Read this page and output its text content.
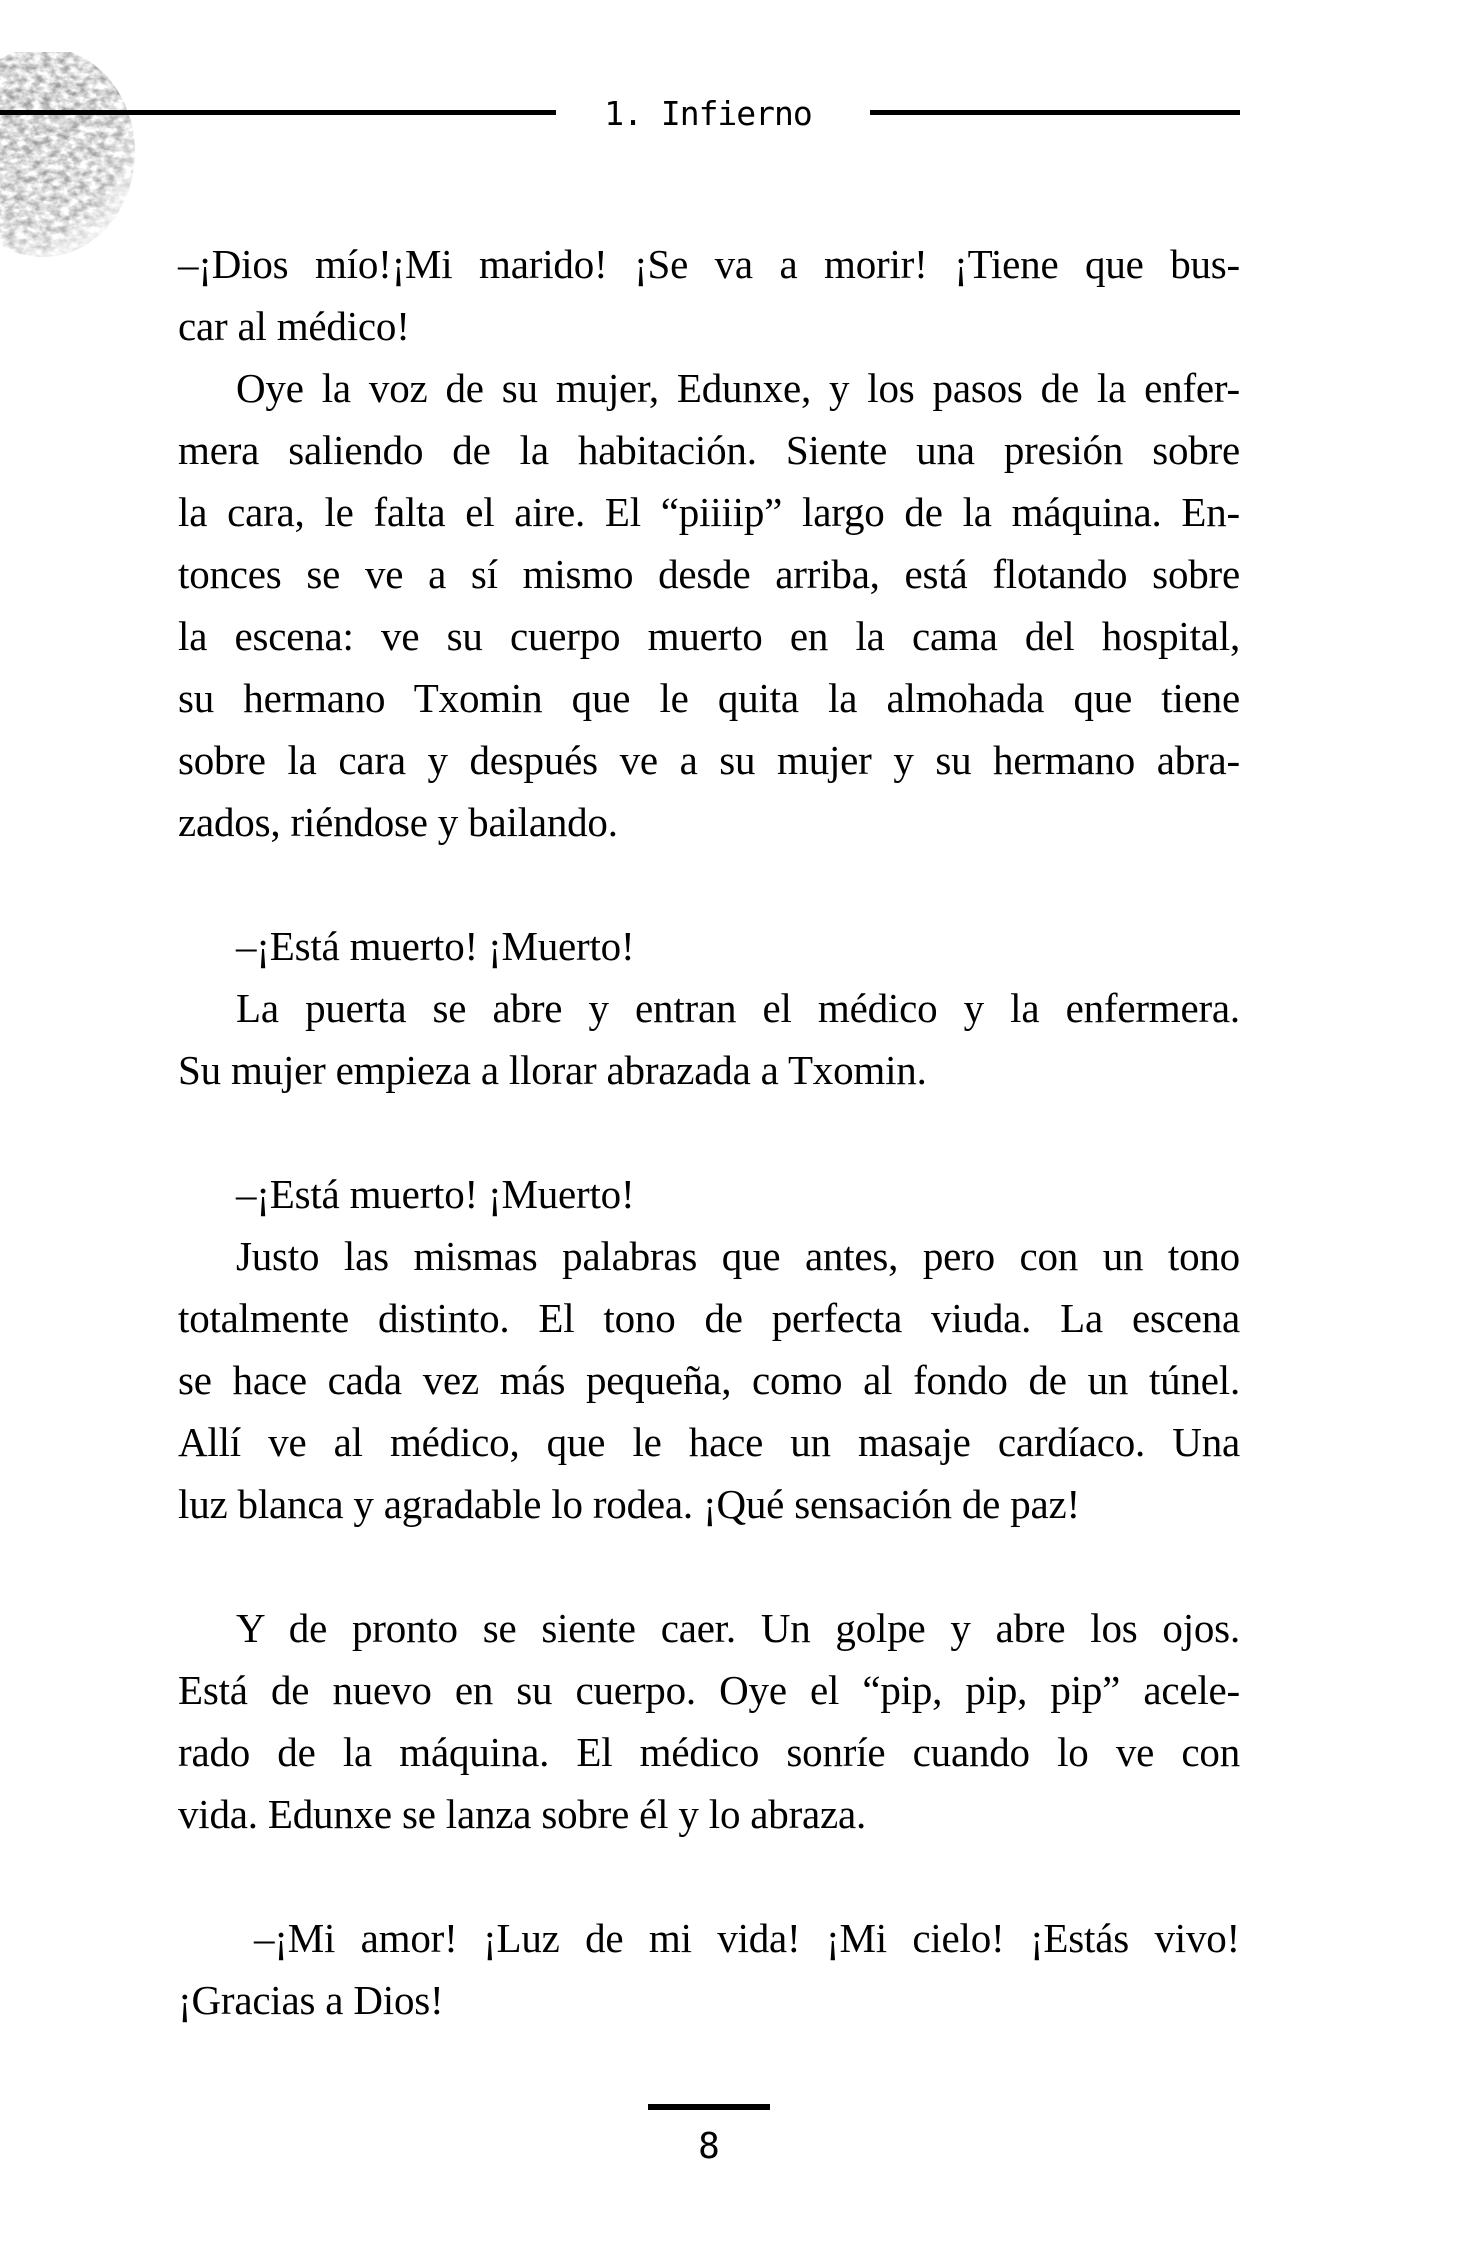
1. Infierno

–¡Dios mío!¡Mi marido! ¡Se va a morir! ¡Tiene que bus-
car al médico!

Oye la voz de su mujer, Edunxe, y los pasos de la enfer-
mera saliendo de la habitación. Siente una presión sobre
la cara, le falta el aire. El “piiiip” largo de la máquina. En-
tonces se ve a sí mismo desde arriba, está flotando sobre
la escena: ve su cuerpo muerto en la cama del hospital,
su hermano Txomin que le quita la almohada que tiene
sobre la cara y después ve a su mujer y su hermano abra-
zados, riéndose y bailando.

–¡Está muerto! ¡Muerto!

La puerta se abre y entran el médico y la enfermera.
Su mujer empieza a llorar abrazada a Txomin.

–¡Está muerto! ¡Muerto!

Justo las mismas palabras que antes, pero con un tono
totalmente distinto. El tono de perfecta viuda. La escena
se hace cada vez más pequeña, como al fondo de un túnel.
Allí ve al médico, que le hace un masaje cardíaco. Una
luz blanca y agradable lo rodea. ¡Qué sensación de paz!

Y de pronto se siente caer. Un golpe y abre los ojos.
Está de nuevo en su cuerpo. Oye el “pip, pip, pip” acele-
rado de la máquina. El médico sonríe cuando lo ve con
vida. Edunxe se lanza sobre él y lo abraza.

–¡Mi amor! ¡Luz de mi vida! ¡Mi cielo! ¡Estás vivo!
¡Gracias a Dios!

8
